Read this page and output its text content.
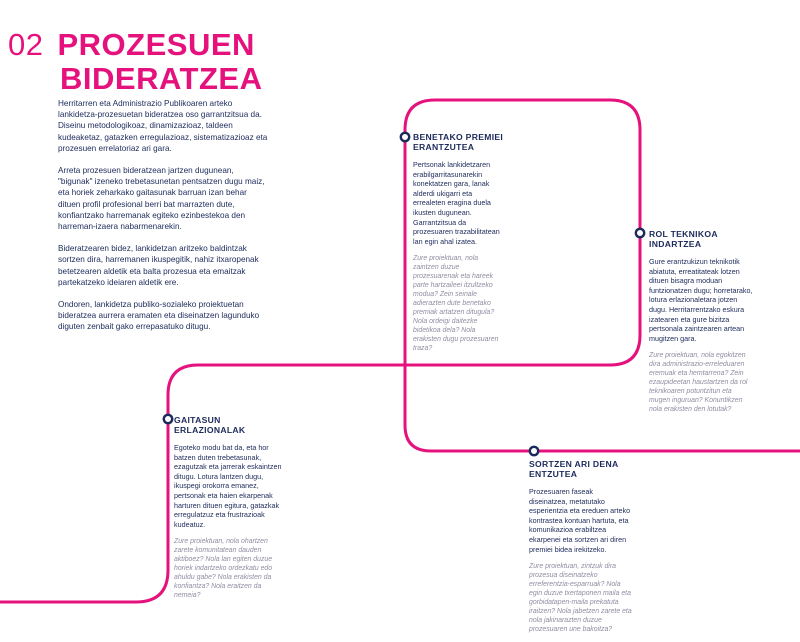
02 PROZESUEN
BIDERATZEA

Herritarren eta Administrazio Publikoaren arteko lankidetza-prozesuetan bideratzea oso garrantzitsua da. Diseinu metodologikoaz, dinamizazioaz, taldeen kudeaketaz, gatazken erregulazioaz, sistematizazioaz eta prozesuen errelatoriaz ari gara.

Arreta prozesuen bideratzean jartzen dugunean, "bigunak" izeneko trebetasunetan pentsatzen dugu maiz, eta horiek zeharkako gaitasunak barruan izan behar dituen profil profesional berri bat marrazten dute, konfiantzako harremanak egiteko ezinbestekoa den harreman-izaera nabarmenarekin.

Bideratzearen bidez, lankidetzan aritzeko baldintzak sortzen dira, harremanen ikuspegitik, nahiz itxaropenak betetzearen aldetik eta balta prozesua eta emaitzak partekatzeko ideiaren aldetik ere.

Ondoren, lankidetza publiko-sozialeko proiektuetan bideratzea aurrera eramaten eta diseinatzen lagunduko diguten zenbait gako errepasatuko ditugu.

BENETAKO PREMIEI ERANTZUTEA

Pertsonak lankidetzaren erabilgarritasunarekin konektatzen gara, lanak alderdi ukigarri eta errealeten eragina duela ikusten dugunean. Garrantzitsua da prozesuaren trazabilitatean lan egin ahal izatea.

Zure proiektuan, nola zaintzen duzue prozesuarenak eta hareek parte hartzaileei itzultzeko modua? Zein seinale adierazten dute benetako premiak artatzen ditugula? Nola ordeigi daitezke bidetikoa dela? Nola erakisten dugu prozesuaren traza?

ROL TEKNIKOA INDARTZEA

Gure erantzukizun teknikotik abiatuta, erreatitateak lotzen dituen bisagra moduan funtzionatzen dugu; horretarako, lotura erlazionaletara jotzen dugu. Herritarrentzako eskura izatearen eta gure bizitza pertsonala zaintzearen artean mugitzen gara.

Zure proiektuan, nola egokitzen dira administrazio-erreleduaren eremuak eta hemtarrena? Zein ezaupideetan haustartzen da rol teknikoaren potuntzitun eta mugen inguruan? Konuntikzen nola erakisten den lotutak?

GAITASUN ERLAZIONALAK

Egoteko modu bat da, eta hor batzen duten trebetasunak, ezagutzak eta jarrerak eskaintzen ditugu. Lotura lantzen dugu, ikuspegi orokorra emanez, pertsonak eta haien ekarpenak harturen dituen egitura, gatazkak erregulatzuz eta frustrazioak kudeatuz.

Zure proiektuan, nola ohartzen zarete komunitatean dauden aktiboez? Nola lan egiten duzue horiek indartzeko ordezkatu edo ahuldu gabe? Nola erakisten da konfiantza? Nola eraitzen da nemeia?

SORTZEN ARI DENA ENTZUTEA

Prozesuaren faseak diseinatzea, metatutako esperientzia eta ereduen arteko kontrastea kontuan hartuta, eta komunikazioa erabiltzea ekarpenei eta sortzen ari diren premiei bidea irekitzeko.

Zure proiektuan, zintzuk dira prozesua diseinatzeko erreferentzia-esparruak? Nola egin duzue txertaponen maila eta gorbidatapen-maila prekatuta iraitzen? Nola jabetzen zarete eta nola jakinarazten duzue prozesuaren une bakoitza?
